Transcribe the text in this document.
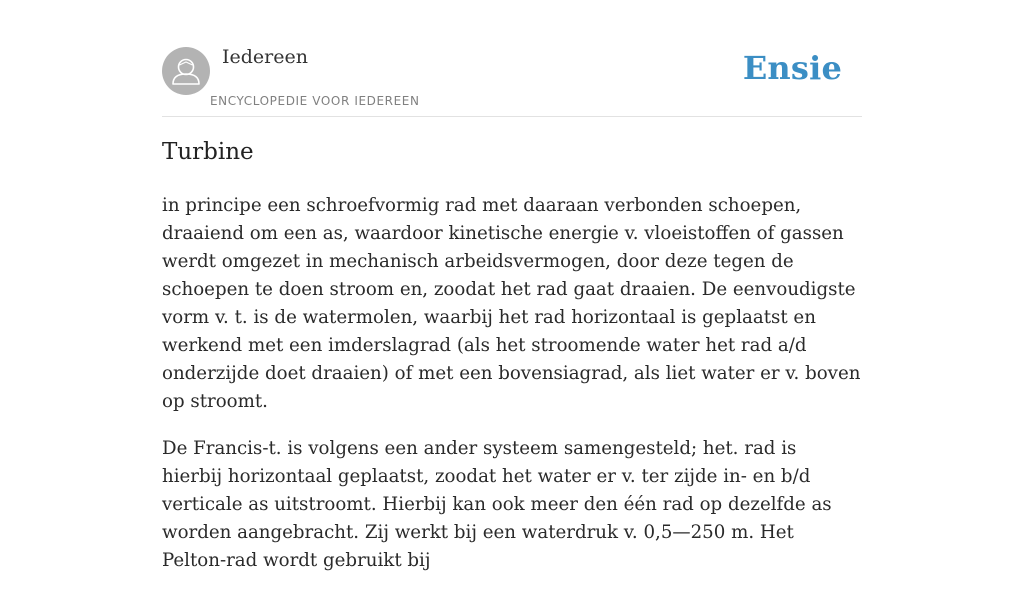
Iedereen
ENCYCLOPEDIE VOOR IEDEREEN
Ensie
Turbine

in principe een schroefvormig rad met daaraan verbonden schoepen, draaiend om een as, waardoor kinetische energie v. vloeistoffen of gassen werdt omgezet in mechanisch arbeidsvermogen, door deze tegen de schoepen te doen stroom en, zoodat het rad gaat draaien. De eenvoudigste vorm v. t. is de watermolen, waarbij het rad horizontaal is geplaatst en werkend met een imderslagrad (als het stroomende water het rad a/d onderzijde doet draaien) of met een bovensiagrad, als liet water er v. boven op stroomt.

De Francis-t. is volgens een ander systeem samengesteld; het. rad is hierbij horizontaal geplaatst, zoodat het water er v. ter zijde in- en b/d verticale as uitstroomt. Hierbij kan ook meer den één rad op dezelfde as worden aangebracht. Zij werkt bij een waterdruk v. 0,5—250 m. Het Pelton-rad wordt gebruikt bij
